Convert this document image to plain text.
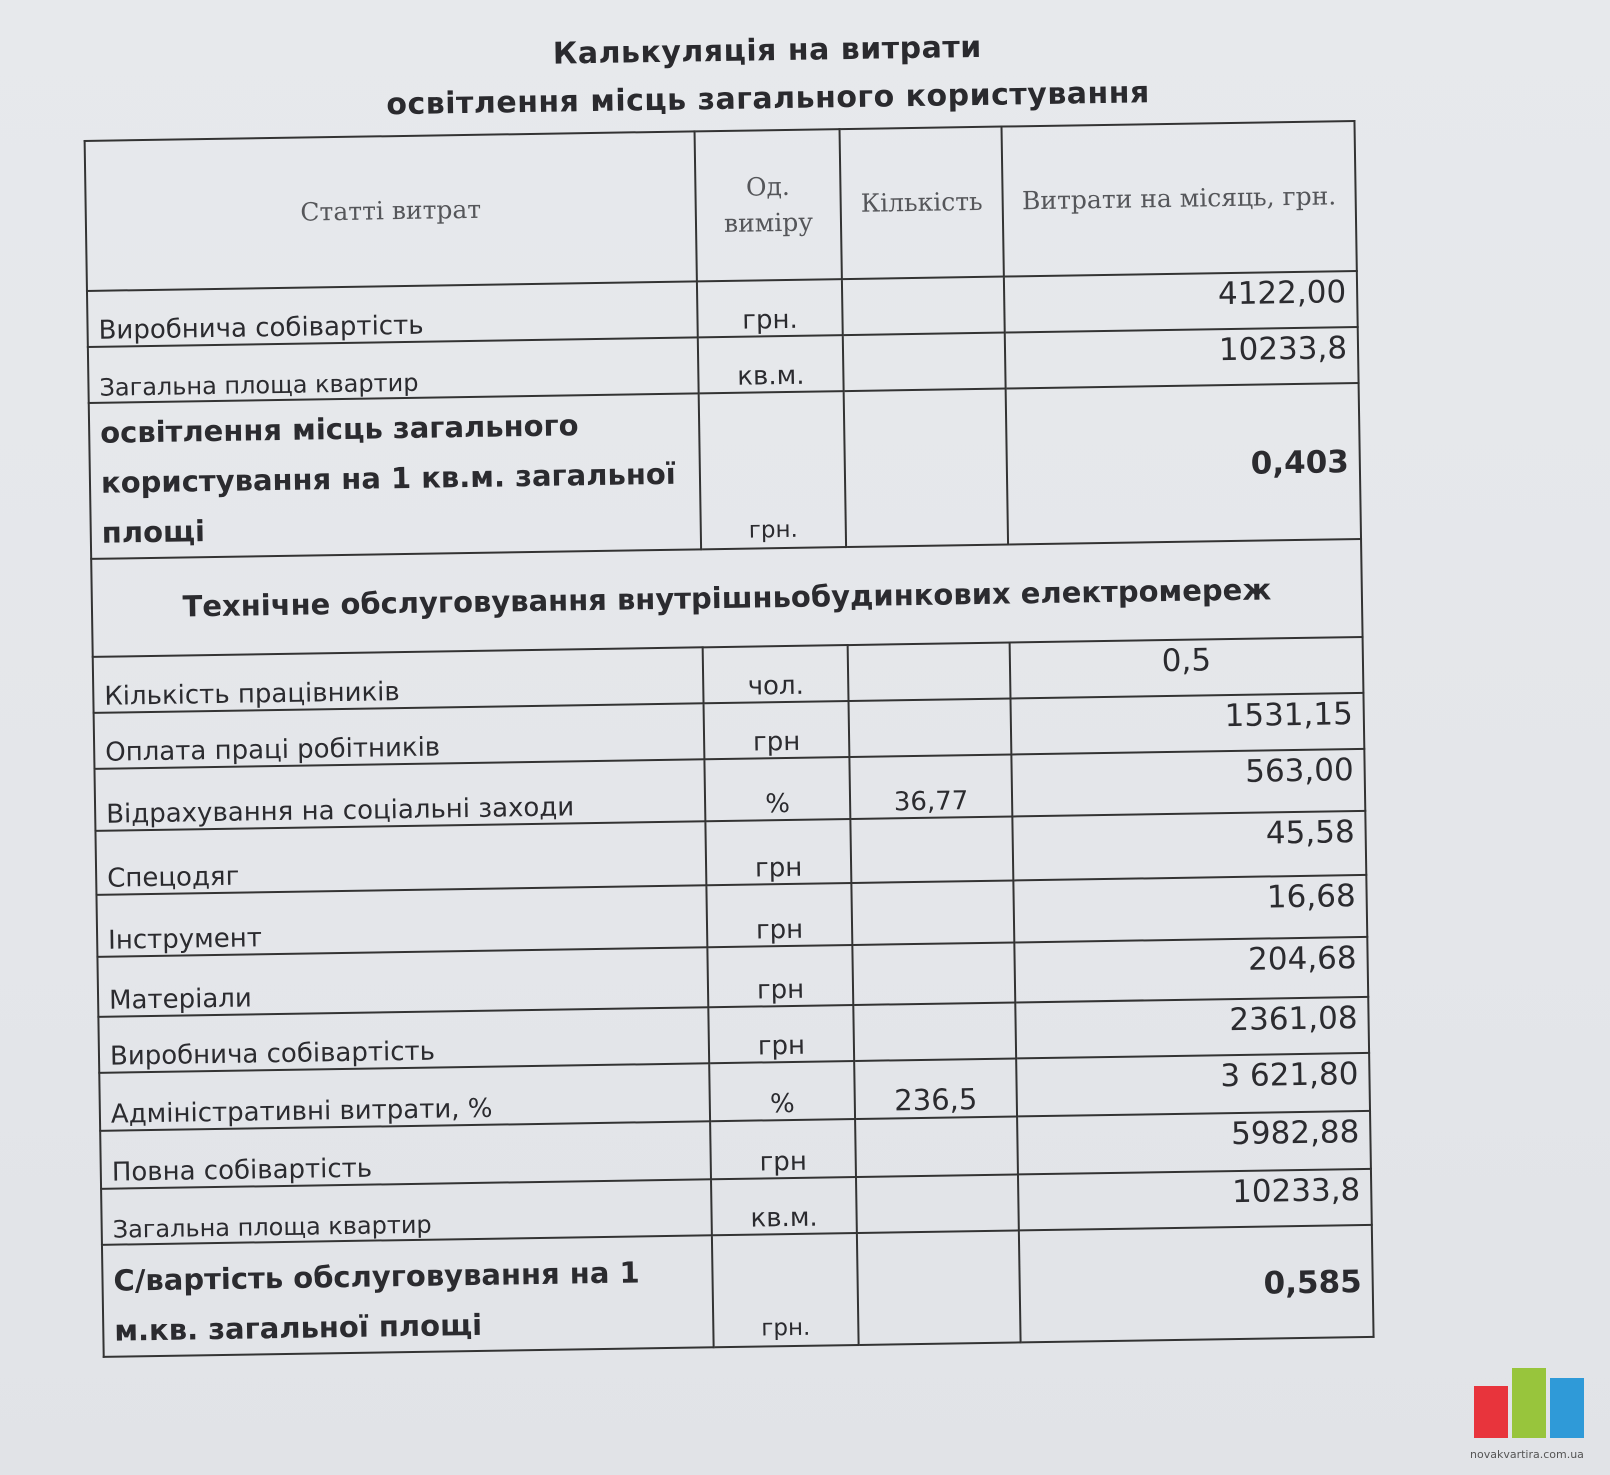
Калькуляція на витрати
освітлення місць загального користування
Статті витрат	Од. виміру	Кількість	Витрати на місяць, грн.
Виробнича собівартість	грн.		4122,00
Загальна площа квартир	кв.м.		10233,8
освітлення місць загального користування на 1 кв.м. загальної площі	грн.		0,403
Технічне обслуговування внутрішньобудинкових електромереж			
Кількість працівників	чол.		0,5
Оплата праці робітників	грн		1531,15
Відрахування на соціальні заходи	%	36,77	563,00
Спецодяг	грн		45,58
Інструмент	грн		16,68
Матеріали	грн		204,68
Виробнича собівартість	грн		2361,08
Адміністративні витрати, %	%	236,5	3 621,80
Повна собівартість	грн		5982,88
Загальна площа квартир	кв.м.		10233,8
С/вартість обслуговування на 1 м.кв. загальної площі	грн.		0,585
novakvartira.com.ua
